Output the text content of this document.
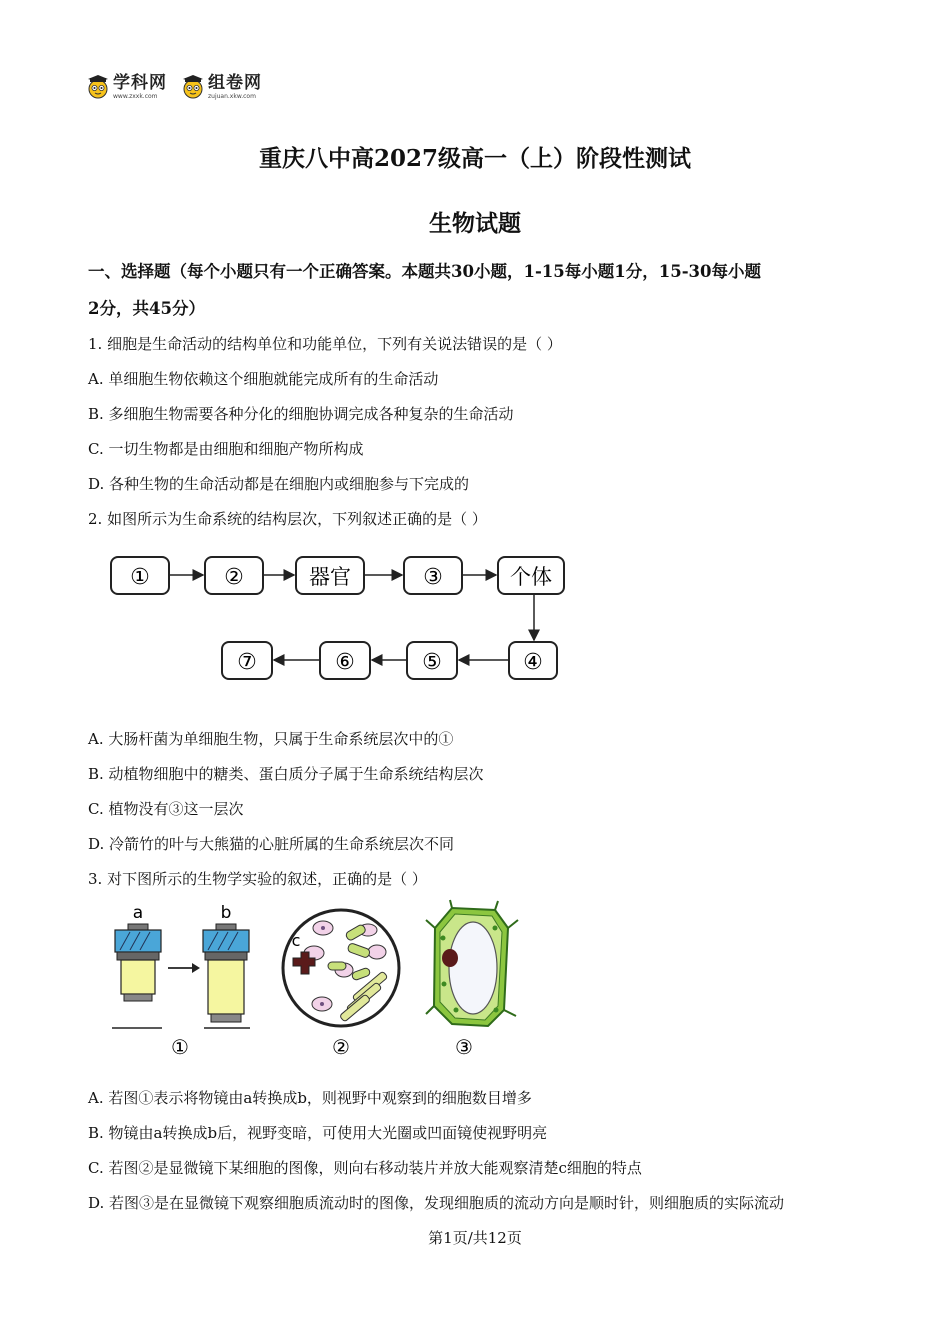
学科网
www.zxxk.com
组卷网
zujuan.xkw.com
重庆八中高2027级高一（上）阶段性测试
生物试题
一、选择题（每个小题只有一个正确答案。本题共30小题，1-15每小题1分，15-30每小题
2分，共45分）
1. 细胞是生命活动的结构单位和功能单位，下列有关说法错误的是（ ）
A. 单细胞生物依赖这个细胞就能完成所有的生命活动
B. 多细胞生物需要各种分化的细胞协调完成各种复杂的生命活动
C. 一切生物都是由细胞和细胞产物所构成
D. 各种生物的生命活动都是在细胞内或细胞参与下完成的
2. 如图所示为生命系统的结构层次，下列叙述正确的是（ ）
①	②	器官	③	个体
⑦	⑥	⑤	④
A. 大肠杆菌为单细胞生物，只属于生命系统层次中的①
B. 动植物细胞中的糖类、蛋白质分子属于生命系统结构层次
C. 植物没有③这一层次
D. 冷箭竹的叶与大熊猫的心脏所属的生命系统层次不同
3. 对下图所示的生物学实验的叙述，正确的是（ ）
a	b
①
c
②	③
A. 若图①表示将物镜由a转换成b，则视野中观察到的细胞数目增多
B. 物镜由a转换成b后，视野变暗，可使用大光圈或凹面镜使视野明亮
C. 若图②是显微镜下某细胞的图像，则向右移动装片并放大能观察清楚c细胞的特点
D. 若图③是在显微镜下观察细胞质流动时的图像，发现细胞质的流动方向是顺时针，则细胞质的实际流动
第1页/共12页
